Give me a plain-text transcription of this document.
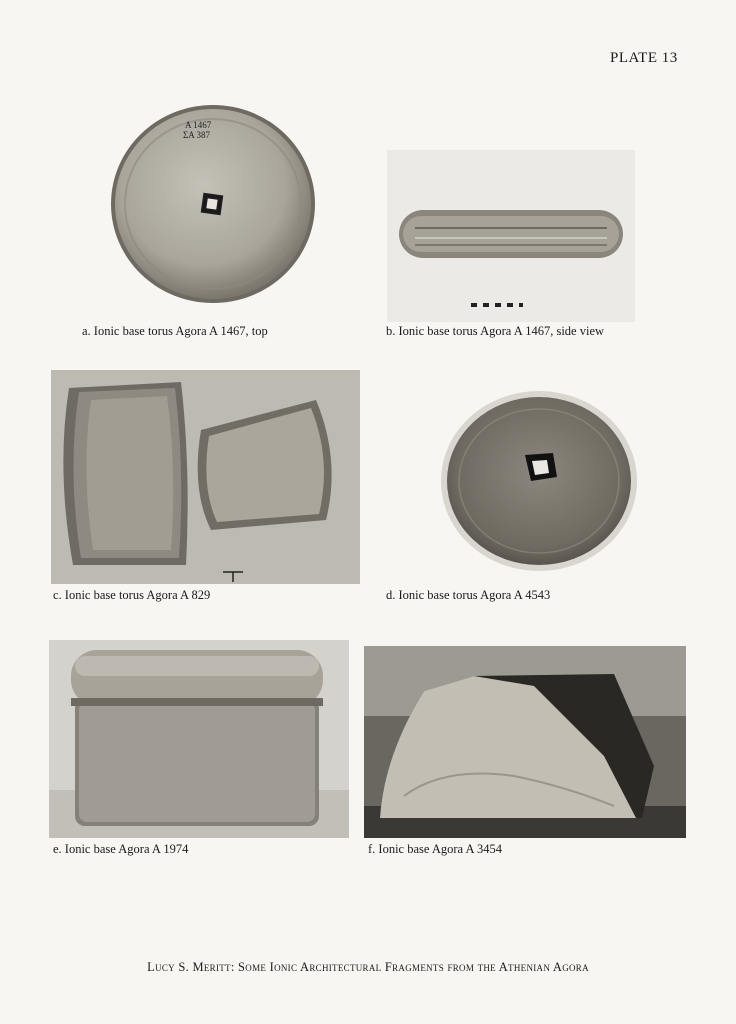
PLATE 13
A 1467
ΣΑ 387
a. Ionic base torus Agora A 1467, top	b. Ionic base torus Agora A 1467, side view
c. Ionic base torus Agora A 829	d. Ionic base torus Agora A 4543
e. Ionic base Agora A 1974	f. Ionic base Agora A 3454
Lucy S. Meritt: Some Ionic Architectural Fragments from the Athenian Agora
